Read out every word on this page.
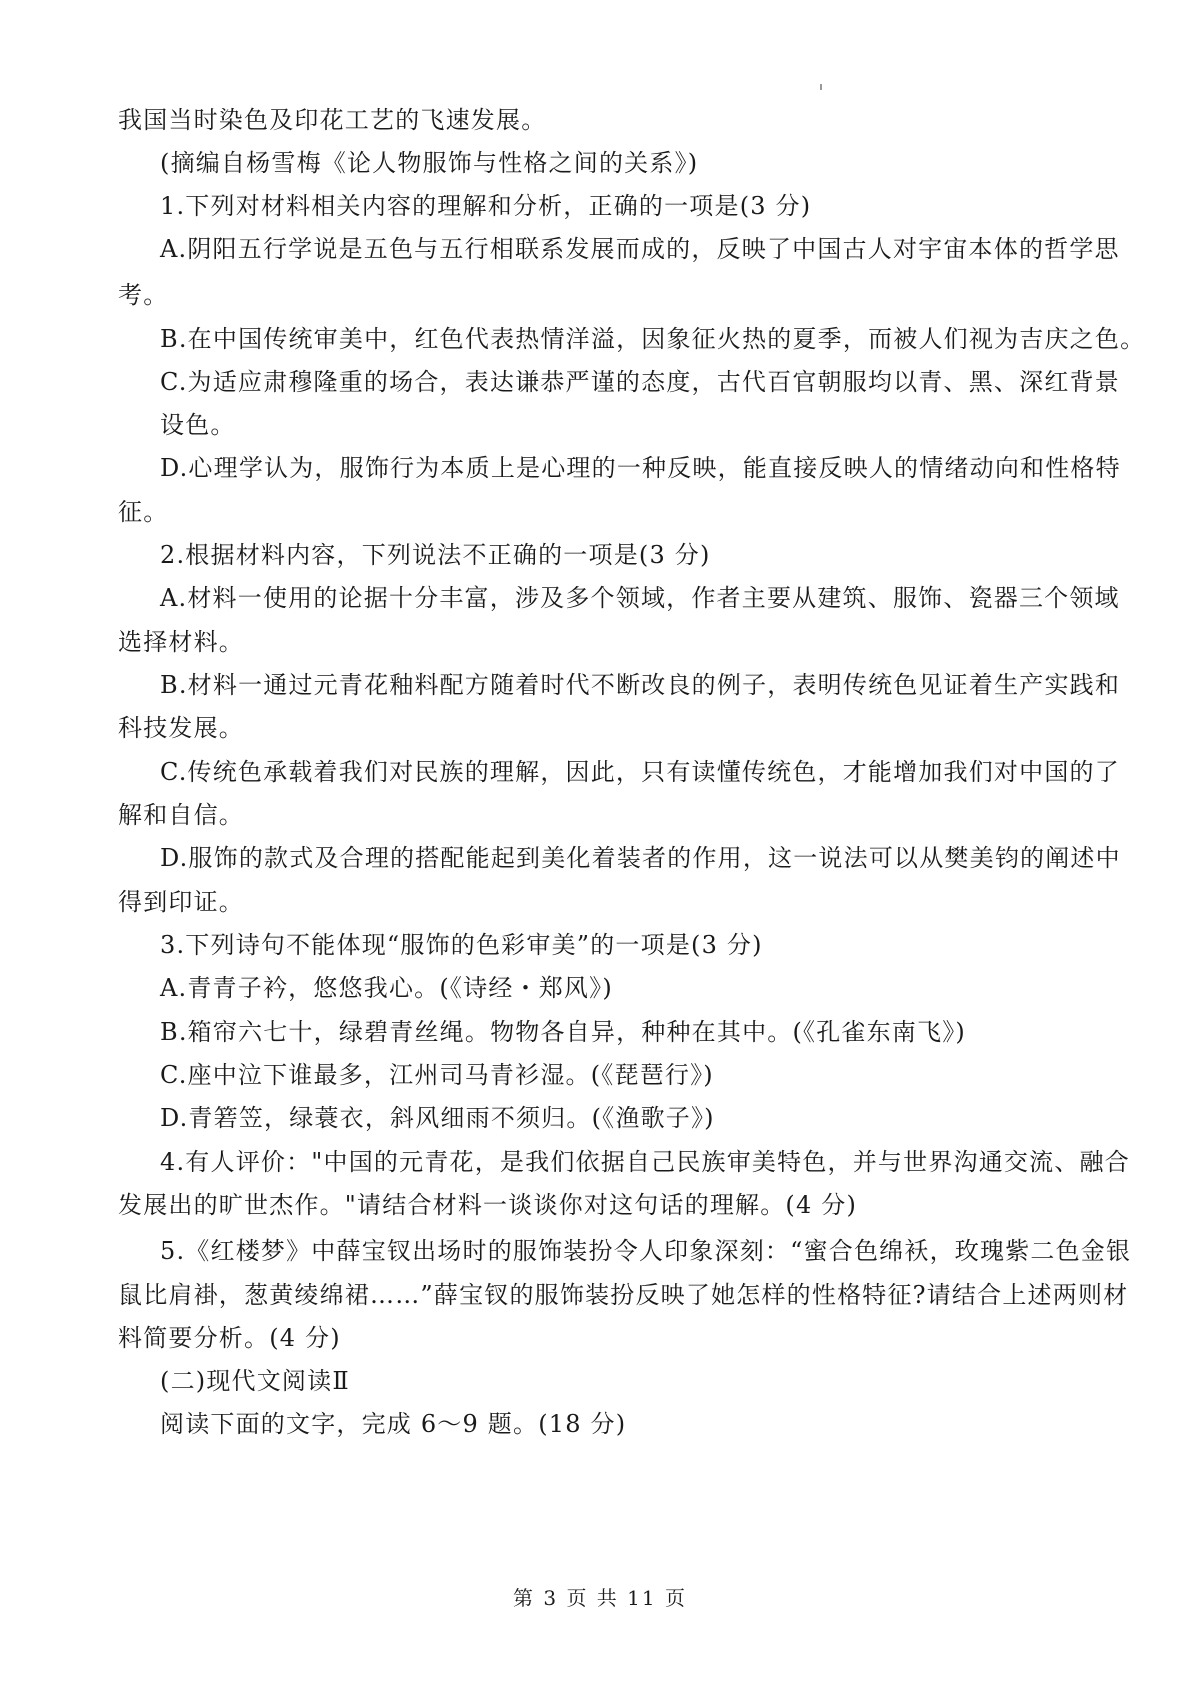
我国当时染色及印花工艺的飞速发展。
(摘编自杨雪梅《论人物服饰与性格之间的关系》)
1.下列对材料相关内容的理解和分析，正确的一项是(3 分)
A.阴阳五行学说是五色与五行相联系发展而成的，反映了中国古人对宇宙本体的哲学思
考。
B.在中国传统审美中，红色代表热情洋溢，因象征火热的夏季，而被人们视为吉庆之色。
C.为适应肃穆隆重的场合，表达谦恭严谨的态度，古代百官朝服均以青、黑、深红背景
设色。
D.心理学认为，服饰行为本质上是心理的一种反映，能直接反映人的情绪动向和性格特
征。
2.根据材料内容，下列说法不正确的一项是(3 分)
A.材料一使用的论据十分丰富，涉及多个领域，作者主要从建筑、服饰、瓷器三个领域
选择材料。
B.材料一通过元青花釉料配方随着时代不断改良的例子，表明传统色见证着生产实践和
科技发展。
C.传统色承载着我们对民族的理解，因此，只有读懂传统色，才能增加我们对中国的了
解和自信。
D.服饰的款式及合理的搭配能起到美化着装者的作用，这一说法可以从樊美钧的阐述中
得到印证。
3.下列诗句不能体现“服饰的色彩审美”的一项是(3 分)
A.青青子衿，悠悠我心。(《诗经・郑风》)
B.箱帘六七十，绿碧青丝绳。物物各自异，种种在其中。(《孔雀东南飞》)
C.座中泣下谁最多，江州司马青衫湿。(《琵琶行》)
D.青箬笠，绿蓑衣，斜风细雨不须归。(《渔歌子》)
4.有人评价："中国的元青花，是我们依据自己民族审美特色，并与世界沟通交流、融合
发展出的旷世杰作。"请结合材料一谈谈你对这句话的理解。(4 分)
5.《红楼梦》中薛宝钗出场时的服饰装扮令人印象深刻：“蜜合色绵袄，玫瑰紫二色金银
鼠比肩褂，葱黄绫绵裙……”薛宝钗的服饰装扮反映了她怎样的性格特征?请结合上述两则材
料简要分析。(4 分)
(二)现代文阅读Ⅱ
阅读下面的文字，完成 6～9 题。(18 分)
第 3 页 共 11 页
